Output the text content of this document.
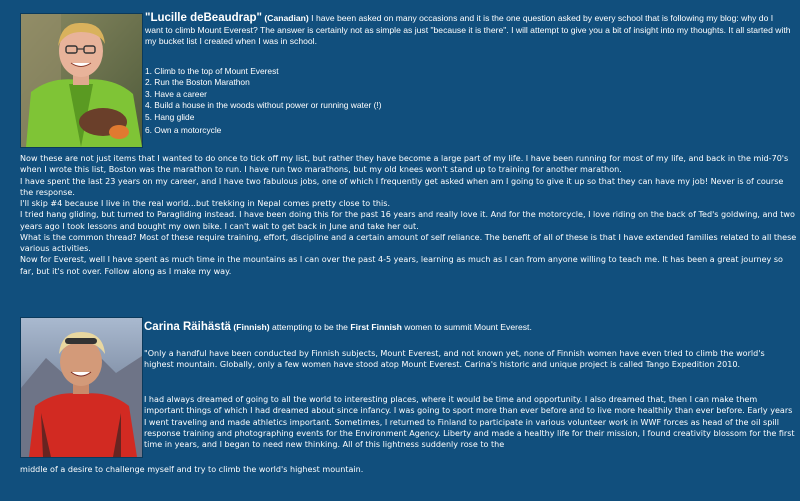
"Lucille deBeaudrap" (Canadian) I have been asked on many occasions and it is the one question asked by every school that is following my blog: why do I want to climb Mount Everest? The answer is certainly not as simple as just "because it is there". I will attempt to give you a bit of insight into my thoughts. It all started with my bucket list I created when I was in school.
1. Climb to the top of Mount Everest
2. Run the Boston Marathon
3. Have a career
4. Build a house in the woods without power or running water (!)
5. Hang glide
6. Own a motorcycle
Now these are not just items that I wanted to do once to tick off my list, but rather they have become a large part of my life. I have been running for most of my life, and back in the mid-70's when I wrote this list, Boston was the marathon to run. I have run two marathons, but my old knees won't stand up to training for another marathon.
I have spent the last 23 years on my career, and I have two fabulous jobs, one of which I frequently get asked when am I going to give it up so that they can have my job! Never is of course the response.
I'll skip #4 because I live in the real world...but trekking in Nepal comes pretty close to this.
I tried hang gliding, but turned to Paragliding instead. I have been doing this for the past 16 years and really love it. And for the motorcycle, I love riding on the back of Ted's goldwing, and two years ago I took lessons and bought my own bike. I can't wait to get back in June and take her out.
What is the common thread? Most of these require training, effort, discipline and a certain amount of self reliance. The benefit of all of these is that I have extended families related to all these various activities.
Now for Everest, well I have spent as much time in the mountains as I can over the past 4-5 years, learning as much as I can from anyone willing to teach me. It has been a great journey so far, but it's not over. Follow along as I make my way.
Carina Räihästä (Finnish) attempting to be the First Finnish women to summit Mount Everest.
"Only a handful have been conducted by Finnish subjects, Mount Everest, and not known yet, none of Finnish women have even tried to climb the world's highest mountain. Globally, only a few women have stood atop Mount Everest. Carina's historic and unique project is called Tango Expedition 2010.
I had always dreamed of going to all the world to interesting places, where it would be time and opportunity. I also dreamed that, then I can make them important things of which I had dreamed about since infancy. I was going to sport more than ever before and to live more healthily than ever before. Early years I went traveling and made athletics important. Sometimes, I returned to Finland to participate in various volunteer work in WWF forces as head of the oil spill response training and photographing events for the Environment Agency. Liberty and made a healthy life for their mission, I found creativity blossom for the first time in years, and I began to need new thinking. All of this lightness suddenly rose to the
middle of a desire to challenge myself and try to climb the world's highest mountain.
